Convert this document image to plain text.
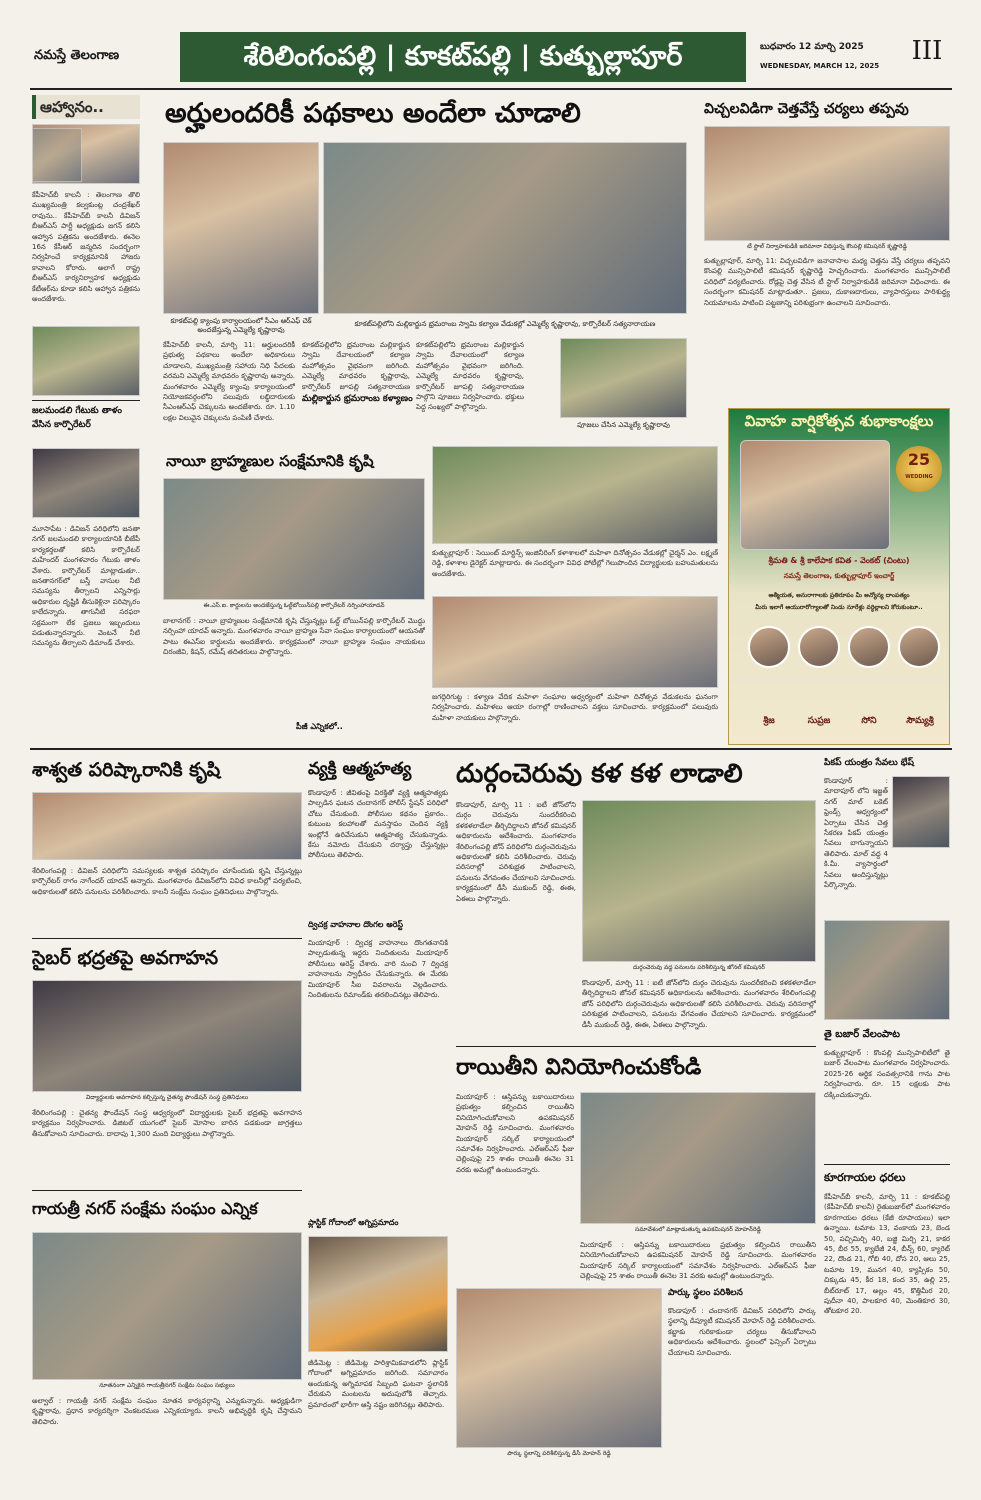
నమస్తే తెలంగాణ	శేరిలింగంపల్లి | కూకట్‌పల్లి | కుత్బుల్లాపూర్	బుధవారం 12 మార్చి 2025
WEDNESDAY, MARCH 12, 2025	III
ఆహ్వానం..
కేపీహెచ్‌బీ కాలనీ : తెలంగాణ తొలి ముఖ్యమంత్రి కల్వకుంట్ల చంద్రశేఖర్ రావును.. కేపీహెచ్‌బీ కాలనీ డివిజన్ బీఆర్ఎస్ పార్టీ అధ్యక్షుడు జగన్ కలిసి ఆహ్వాన పత్రికను అందజేశారు. ఈనెల 16న కేసీఆర్ జన్మదిన సందర్భంగా నిర్వహించే కార్యక్రమానికి హాజరు కావాలని కోరారు. అలాగే రాష్ట్ర బీఆర్ఎస్ కార్యనిర్వాహక అధ్యక్షుడు కేటీఆర్‌ను కూడా కలిసి ఆహ్వాన పత్రికను అందజేశారు.
జలమండలి గేటుకు తాళం వేసిన కార్పొరేటర్
మూసాపేట : డివిజన్ పరిధిలోని జనతా నగర్ జలమండలి కార్యాలయానికి బీజేపీ కార్యకర్తలతో కలిసి కార్పొరేటర్ మహేందర్ మంగళవారం గేటుకు తాళం వేశారు. కార్పొరేటర్ మాట్లాడుతూ.. జనతానగర్‌లో బస్తీ వాసుల నీటి సమస్యను తీర్చాలని ఎన్నిసార్లు అధికారుల దృష్టికి తీసుకెళ్లినా పరిష్కారం కాలేదన్నారు. తాగునీటి సరఫరా సక్రమంగా లేక ప్రజలు ఇబ్బందులు పడుతున్నారన్నారు. వెంటనే నీటి సమస్యను తీర్చాలని డిమాండ్ చేశారు.
అర్హులందరికీ పథకాలు అందేలా చూడాలి
కూకట్‌పల్లి క్యాంపు కార్యాలయంలో సీఎం ఆర్‌ఎఫ్ చెక్ అందజేస్తున్న ఎమ్మెల్యే కృష్ణారావు
కూకట్‌పల్లిలోని మల్లికార్జున భ్రమరాంబ స్వామి కల్యాణ వేడుకల్లో ఎమ్మెల్యే కృష్ణారావు, కార్పొరేటర్ సత్యనారాయణ
కేపీహెచ్‌బీ కాలనీ, మార్చి 11: అర్హులందరికీ ప్రభుత్వ పథకాలు అందేలా అధికారులు చూడాలని, ముఖ్యమంత్రి సహాయ నిధి పేదలకు వరమని ఎమ్మెల్యే మాధవరం కృష్ణారావు అన్నారు. మంగళవారం ఎమ్మెల్యే క్యాంపు కార్యాలయంలో నియోజకవర్గంలోని పలువురు లబ్ధిదారులకు సీఎంఆర్‌ఎఫ్ చెక్కులను అందజేశారు. రూ. 1.10 లక్షల విలువైన చెక్కులను పంపిణీ చేశారు.
కూకట్‌పల్లిలోని భ్రమరాంబ మల్లికార్జున స్వామి దేవాలయంలో కల్యాణ మహోత్సవం వైభవంగా జరిగింది. ఎమ్మెల్యే మాధవరం కృష్ణారావు, కార్పొరేటర్ జూపల్లి సత్యనారాయణ
మల్లికార్జున భ్రమరాంబ కళ్యాణం
కూకట్‌పల్లిలోని భ్రమరాంబ మల్లికార్జున స్వామి దేవాలయంలో కల్యాణ మహోత్సవం వైభవంగా జరిగింది. ఎమ్మెల్యే మాధవరం కృష్ణారావు, కార్పొరేటర్ జూపల్లి సత్యనారాయణ పాల్గొని పూజలు నిర్వహించారు. భక్తులు పెద్ద సంఖ్యలో పాల్గొన్నారు.
పూజలు చేసిన ఎమ్మెల్యే కృష్ణారావు
విచ్చలవిడిగా చెత్తవేస్తే చర్యలు తప్పవు
టీ స్టాల్ నిర్వాహకుడికి జరిమానా విధిస్తున్న కౌంపల్లి కమిషనర్ కృష్ణారెడ్డి
కుత్బుల్లాపూర్, మార్చి 11: విచ్చలవిడిగా జనావాసాల మధ్య చెత్తను వేస్తే చర్యలు తప్పవని కొంపల్లి మున్సిపాలిటీ కమిషనర్ కృష్ణారెడ్డి హెచ్చరించారు. మంగళవారం మున్సిపాలిటీ పరిధిలో పర్యటించారు. రోడ్లపై చెత్త వేసిన టీ స్టాల్ నిర్వాహకుడికి జరిమానా విధించారు. ఈ సందర్భంగా కమిషనర్ మాట్లాడుతూ.. ప్రజలు, దుకాణదారులు, వ్యాపారస్తులు పారిశుద్ధ్య నియమాలను పాటించి పట్టణాన్ని పరిశుభ్రంగా ఉంచాలని సూచించారు.
వివాహ వార్షికోత్సవ శుభాకాంక్షలు
25
WEDDING
శ్రీమతి & శ్రీ కాలేపాక కవిత - వెంకట్ (చింటు)
నమస్తే తెలంగాణ, కుత్బుల్లాపూర్ ఇంచార్జ్
ఆత్మీయత, అనురాగాలకు ప్రతిరూపం మీ అన్యోన్య దాంపత్యం
మీరు ఇలాగే ఆయురారోగ్యాలతో నిండు నూరేళ్లు వర్ధిల్లాలని కోరుకుంటూ..
శ్రీజ	సుప్రజ	సోని	సౌమ్యశ్రీ
నాయీ బ్రాహ్మణుల సంక్షేమానికి కృషి
ఈ.ఎస్.ఐ. కార్డులను అందజేస్తున్న ఓల్డ్‌బోయిన్‌పల్లి కార్పొరేటర్ నర్సింహాయాదవ్
బాలానగర్ : నాయీ బ్రాహ్మణుల సంక్షేమానికి కృషి చేస్తున్నట్లు ఓల్డ్ బోయిన్‌పల్లి కార్పొరేటర్ మొద్దు నర్సింహా యాదవ్ అన్నారు. మంగళవారం నాయీ బ్రాహ్మణ సేవా సంఘం కార్యాలయంలో ఆయనతో పాటు ఈఎస్ఐ కార్డులను అందజేశారు. కార్యక్రమంలో నాయీ బ్రాహ్మణ సంఘం నాయకులు చిరంజీవి, కిషన్, రమేష్ తదితరులు పాల్గొన్నారు.
పీజీ ఎన్నికలో..
కుత్బుల్లాపూర్ : సెయింట్ మార్టిన్స్ ఇంజినీరింగ్ కళాశాలలో మహిళా దినోత్సవం వేడుకల్లో చైర్మన్ ఎం. లక్ష్మణ్ రెడ్డి, కళాశాల డైరెక్టర్ మాట్లాడారు. ఈ సందర్భంగా వివిధ పోటీల్లో గెలుపొందిన విద్యార్థులకు బహుమతులను అందజేశారు.
జగద్గిరిగుట్ట : కళ్యాణ వేదిక మహిళా సంఘాల ఆధ్వర్యంలో మహిళా దినోత్సవ వేడుకలను ఘనంగా నిర్వహించారు. మహిళలు ఆయా రంగాల్లో రాణించాలని వక్తలు సూచించారు. కార్యక్రమంలో పలువురు మహిళా నాయకులు పాల్గొన్నారు.
శాశ్వత పరిష్కారానికి కృషి
శేరిలింగంపల్లి : డివిజన్ పరిధిలోని సమస్యలకు శాశ్వత పరిష్కారం చూపేందుకు కృషి చేస్తున్నట్లు కార్పొరేటర్ రాగం నాగేందర్ యాదవ్ అన్నారు. మంగళవారం డివిజన్‌లోని వివిధ కాలనీల్లో పర్యటించి, అధికారులతో కలిసి పనులను పరిశీలించారు. కాలనీ సంక్షేమ సంఘం ప్రతినిధులు పాల్గొన్నారు.
సైబర్ భద్రతపై అవగాహన
విద్యార్థులకు అవగాహన కల్పిస్తున్న చైతన్య ఫౌండేషన్ సంస్థ ప్రతినిధులు
శేరిలింగంపల్లి : చైతన్య ఫౌండేషన్ సంస్థ ఆధ్వర్యంలో విద్యార్థులకు సైబర్ భద్రతపై అవగాహన కార్యక్రమం నిర్వహించారు. డిజిటల్ యుగంలో సైబర్ మోసాల బారిన పడకుండా జాగ్రత్తలు తీసుకోవాలని సూచించారు. దాదాపు 1,300 మంది విద్యార్థులు పాల్గొన్నారు.
గాయత్రీ నగర్ సంక్షేమ సంఘం ఎన్నిక
నూతనంగా ఎన్నికైన గాయత్రీనగర్ సంక్షేమ సంఘం సభ్యులు
అల్వాల్ : గాయత్రీ నగర్ సంక్షేమ సంఘం నూతన కార్యవర్గాన్ని ఎన్నుకున్నారు. అధ్యక్షుడిగా కృష్ణారావు, ప్రధాన కార్యదర్శిగా వెంకటరమణ ఎన్నికయ్యారు. కాలనీ అభివృద్ధికి కృషి చేస్తామని తెలిపారు.
వ్యక్తి ఆత్మహత్య
కొండాపూర్ : జీవితంపై విరక్తితో వ్యక్తి ఆత్మహత్యకు పాల్పడిన ఘటన చందానగర్ పోలీస్ స్టేషన్ పరిధిలో చోటు చేసుకుంది. పోలీసుల కథనం ప్రకారం.. కుటుంబ కలహాలతో మనస్తాపం చెందిన వ్యక్తి ఇంట్లోనే ఉరివేసుకుని ఆత్మహత్య చేసుకున్నాడు. కేసు నమోదు చేసుకుని దర్యాప్తు చేస్తున్నట్లు పోలీసులు తెలిపారు.
ద్విచక్ర వాహనాల దొంగల అరెస్ట్
మియాపూర్ : ద్విచక్ర వాహనాలు దొంగతనానికి పాల్పడుతున్న ఇద్దరు నిందితులను మియాపూర్ పోలీసులు అరెస్ట్ చేశారు. వారి నుంచి 7 ద్విచక్ర వాహనాలను స్వాధీనం చేసుకున్నారు. ఈ మేరకు మియాపూర్ సీఐ వివరాలను వెల్లడించారు. నిందితులను రిమాండ్‌కు తరలించినట్లు తెలిపారు.
ప్లాస్టిక్ గోదాంలో అగ్నిప్రమాదం
జీడిమెట్ల : జీడిమెట్ల పారిశ్రామికవాడలోని ప్లాస్టిక్ గోదాంలో అగ్నిప్రమాదం జరిగింది. సమాచారం అందుకున్న అగ్నిమాపక సిబ్బంది ఘటనా స్థలానికి చేరుకుని మంటలను అదుపులోకి తెచ్చారు. ప్రమాదంలో భారీగా ఆస్తి నష్టం జరిగినట్లు తెలిపారు.
దుర్గంచెరువు కళ కళ లాడాలి
కొండాపూర్, మార్చి 11 : ఐటీ జోన్‌లోని దుర్గం చెరువును సుందరీకరించి కళకళలాడేలా తీర్చిదిద్దాలని జోనల్ కమిషనర్ అధికారులను ఆదేశించారు. మంగళవారం శేరిలింగంపల్లి జోన్ పరిధిలోని దుర్గంచెరువును అధికారులతో కలిసి పరిశీలించారు. చెరువు పరిసరాల్లో పరిశుభ్రత పాటించాలని, పనులను వేగవంతం చేయాలని సూచించారు. కార్యక్రమంలో డీసీ ముకుంద్ రెడ్డి, ఈఈ, ఏఈలు పాల్గొన్నారు.
దుర్గంచెరువు వద్ద పనులను పరిశీలిస్తున్న జోనల్ కమిషనర్
కొండాపూర్, మార్చి 11 : ఐటీ జోన్‌లోని దుర్గం చెరువును సుందరీకరించి కళకళలాడేలా తీర్చిదిద్దాలని జోనల్ కమిషనర్ అధికారులను ఆదేశించారు. మంగళవారం శేరిలింగంపల్లి జోన్ పరిధిలోని దుర్గంచెరువును అధికారులతో కలిసి పరిశీలించారు. చెరువు పరిసరాల్లో పరిశుభ్రత పాటించాలని, పనులను వేగవంతం చేయాలని సూచించారు. కార్యక్రమంలో డీసీ ముకుంద్ రెడ్డి, ఈఈ, ఏఈలు పాల్గొన్నారు.
రాయితీని వినియోగించుకోండి
మియాపూర్ : ఆస్తిపన్ను బకాయిదారులు ప్రభుత్వం కల్పించిన రాయితీని వినియోగించుకోవాలని ఉపకమిషనర్ మోహన్ రెడ్డి సూచించారు. మంగళవారం మియాపూర్ సర్కిల్ కార్యాలయంలో సమావేశం నిర్వహించారు. ఎల్ఆర్ఎస్ ఫీజు చెల్లింపుపై 25 శాతం రాయితీ ఈనెల 31 వరకు అమల్లో ఉంటుందన్నారు.
సమావేశంలో మాట్లాడుతున్న ఉపకమిషనర్ మోహన్‌రెడ్డి
మియాపూర్ : ఆస్తిపన్ను బకాయిదారులు ప్రభుత్వం కల్పించిన రాయితీని వినియోగించుకోవాలని ఉపకమిషనర్ మోహన్ రెడ్డి సూచించారు. మంగళవారం మియాపూర్ సర్కిల్ కార్యాలయంలో సమావేశం నిర్వహించారు. ఎల్ఆర్ఎస్ ఫీజు చెల్లింపుపై 25 శాతం రాయితీ ఈనెల 31 వరకు అమల్లో ఉంటుందన్నారు.
పార్కు స్థలాన్ని పరిశీలిస్తున్న డీసీ మోహన్ రెడ్డి
పార్కు స్థలం పరిశీలన
కొండాపూర్ : చందానగర్ డివిజన్ పరిధిలోని పార్కు స్థలాన్ని డిప్యూటీ కమిషనర్ మోహన్ రెడ్డి పరిశీలించారు. కబ్జాకు గురికాకుండా చర్యలు తీసుకోవాలని అధికారులను ఆదేశించారు. స్థలంలో ఫెన్సింగ్ ఏర్పాటు చేయాలని సూచించారు.
పికప్ యంత్రం సేవలు భేష్
కొండాపూర్ : మాదాపూర్ లోని ఇజ్జత్ నగర్ మాల్ బకెట్ ఫ్రెండ్స్ ఆధ్వర్యంలో ఏర్పాటు చేసిన చెత్త సేకరణ పికప్ యంత్రం సేవలు బాగున్నాయని తెలిపారు. మాల్‌ వద్ద 4 కి.మీ. వ్యాసార్థంలో సేవలు అందిస్తున్నట్లు పేర్కొన్నారు.
తై బజార్ వేలంపాట
కుత్బుల్లాపూర్ : కొంపల్లి మున్సిపాలిటీలో తై బజార్ వేలంపాట మంగళవారం నిర్వహించారు. 2025-26 ఆర్థిక సంవత్సరానికి గాను పాట నిర్వహించారు. రూ. 15 లక్షలకు పాట దక్కించుకున్నారు.
కూరగాయల ధరలు
కేపీహెచ్‌బీ కాలనీ, మార్చి 11 : కూకట్‌పల్లి (కేపీహెచ్‌బీ కాలనీ) రైతుబజార్‌లో మంగళవారం కూరగాయల ధరలు (కేజీ రూపాయలు) ఇలా ఉన్నాయి. టమాట 13, వంకాయ 23, బెండ 50, పచ్చిమిర్చి 40, బజ్జి మిర్చి 21, కాకర 45, బీర 55, క్యాబేజీ 24, బీన్స్ 60, క్యారెట్ 22, దొండ 21, గోబి 40, దోస 20, ఆలు 25, టమాట 19, మునగ 40, క్యాప్సికం 50, చిక్కుడు 45, కీర 18, కంద 35, ఉల్లి 25, బీట్‌రూట్ 17, అల్లం 45, కొత్తిమీర 20, పుదీనా 40, పాలకూర 40, మెంతికూర 30, తోటకూర 20.
